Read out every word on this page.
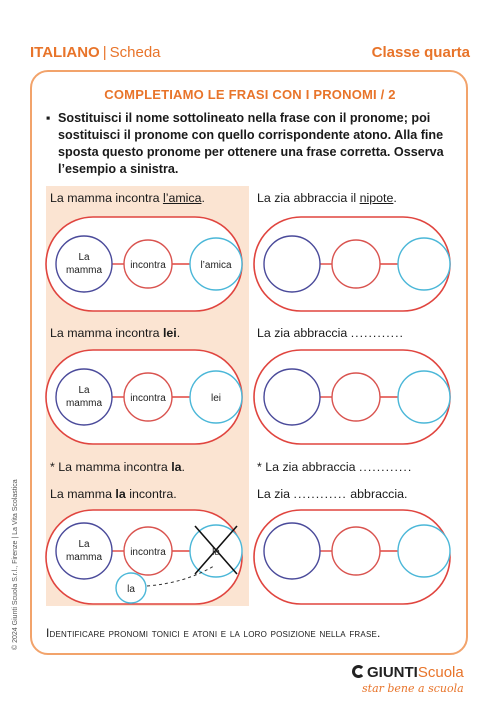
ITALIANO | Scheda	Classe quarta
COMPLETIAMO LE FRASI CON I PRONOMI / 2
▪ Sostituisci il nome sottolineato nella frase con il pronome; poi sostituisci il pronome con quello corrispondente atono. Alla fine sposta questo pronome per ottenere una frase corretta. Osserva l’esempio a sinistra.
La mamma incontra l’amica.
La mamma incontra lei.
* La mamma incontra la.
La mamma la incontra.
La zia abbraccia il nipote.
La zia abbraccia ............
* La zia abbraccia ............
La zia ............ abbraccia.
La
mamma	incontra	l’amica
La
mamma	incontra	lei
La
mamma	incontra	la
la
Identificare pronomi tonici e atoni e la loro posizione nella frase.
© 2024 Giunti Scuola S.r.l., Firenze | La Vita Scolastica
GIUNTIScuola
star bene a scuola
